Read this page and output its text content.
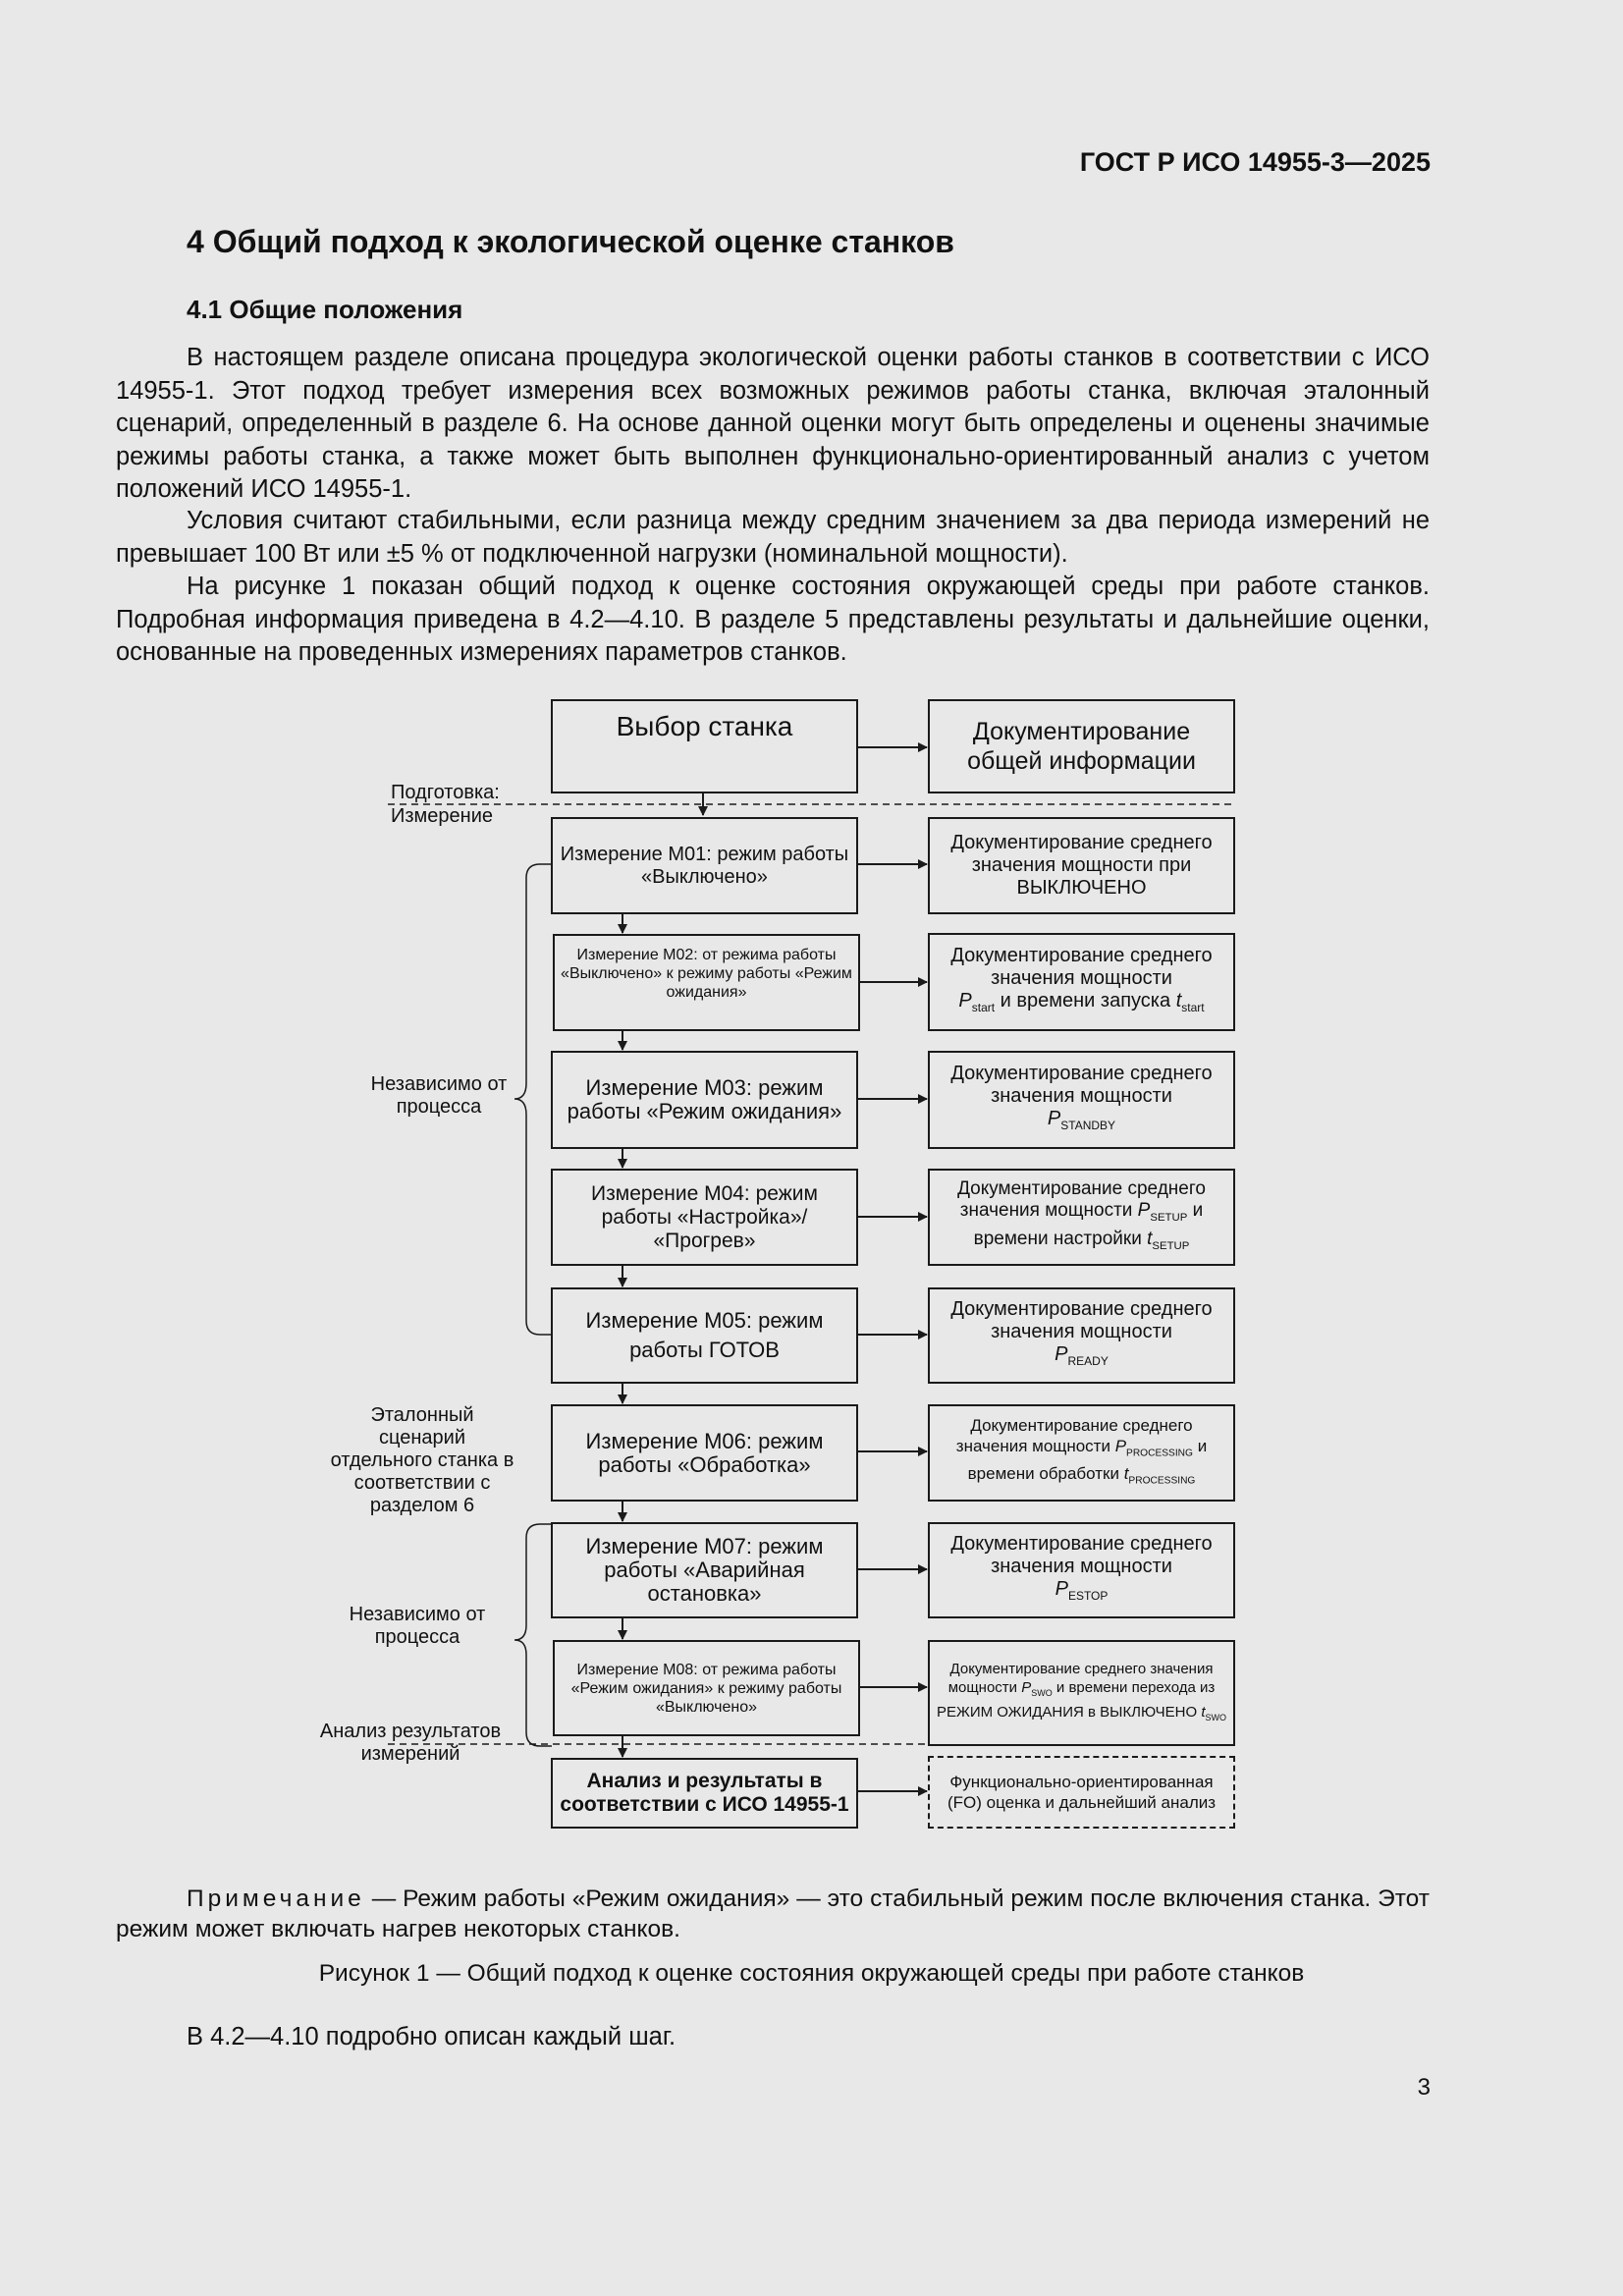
ГОСТ Р ИСО 14955-3—2025
4 Общий подход к экологической оценке станков
4.1 Общие положения

В настоящем разделе описана процедура экологической оценки работы станков в соответствии с ИСО 14955-1. Этот подход требует измерения всех возможных режимов работы станка, включая эталонный сценарий, определенный в разделе 6. На основе данной оценки могут быть определены и оценены значимые режимы работы станка, а также может быть выполнен функционально-ориентированный анализ с учетом положений ИСО 14955-1.

Условия считают стабильными, если разница между средним значением за два периода измерений не превышает 100 Вт или ±5 % от подключенной нагрузки (номинальной мощности).

На рисунке 1 показан общий подход к оценке состояния окружающей среды при работе станков. Подробная информация приведена в 4.2—4.10. В разделе 5 представлены результаты и дальнейшие оценки, основанные на проведенных измерениях параметров станков.

Подготовка:
Измерение
Независимо от процесса
Эталонный сценарий отдельного станка в соответствии с разделом 6
Независимо от процесса
Анализ результатов измерений
Выбор станка
Измерение М01: режим работы «Выключено»
Измерение М02: от режима работы «Выключено» к режиму работы «Режим ожидания»
Измерение М03: режим работы «Режим ожидания»
Измерение М04: режим работы «Настройка»/ «Прогрев»
Измерение М05: режим работы ГОТОВ
Измерение М06: режим работы «Обработка»
Измерение М07: режим работы «Аварийная остановка»
Измерение М08: от режима работы «Режим ожидания» к режиму работы «Выключено»
Анализ и результаты в соответствии с ИСО 14955-1
Документирование общей информации
Документирование среднего значения мощности при ВЫКЛЮЧЕНО
Документирование среднего значения мощности
$P_{start}$ и времени запуска $t_{start}$
Документирование среднего значения мощности
$P_{STANDBY}$
Документирование среднего значения мощности $P_{SETUP}$ и времени настройки $t_{SETUP}$
Документирование среднего значения мощности
$P_{READY}$
Документирование среднего значения мощности $P_{PROCESSING}$ и времени обработки $t_{PROCESSING}$
Документирование среднего значения мощности
$P_{ESTOP}$
Документирование среднего значения мощности $P_{SWO}$ и времени перехода из РЕЖИМ ОЖИДАНИЯ в ВЫКЛЮЧЕНО $t_{SWO}$
Функционально-ориентированная (FO) оценка и дальнейший анализ
Примечание — Режим работы «Режим ожидания» — это стабильный режим после включения станка. Этот режим может включать нагрев некоторых станков.
Рисунок 1 — Общий подход к оценке состояния окружающей среды при работе станков
В 4.2—4.10 подробно описан каждый шаг.
3
